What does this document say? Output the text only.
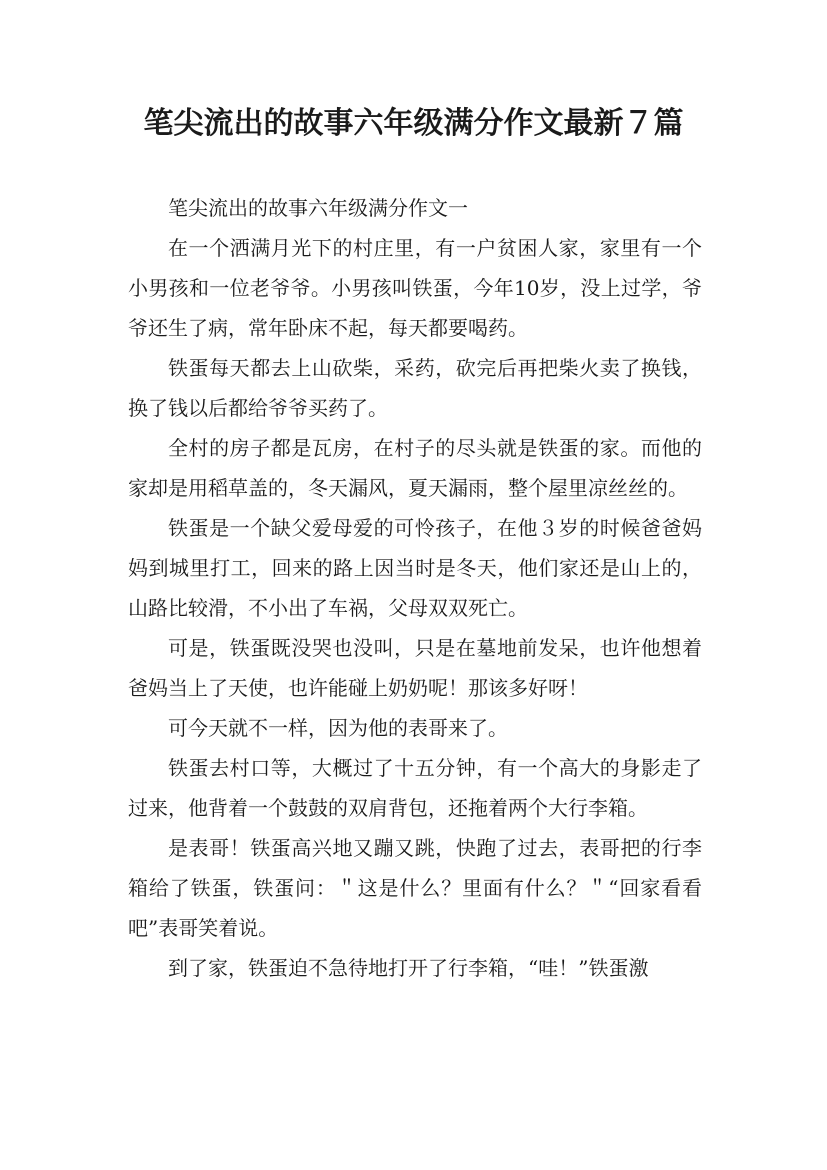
笔尖流出的故事六年级满分作文最新７篇

笔尖流出的故事六年级满分作文一

在一个洒满月光下的村庄里，有一户贫困人家，家里有一个小男孩和一位老爷爷。小男孩叫铁蛋，今年10岁，没上过学，爷爷还生了病，常年卧床不起，每天都要喝药。

铁蛋每天都去上山砍柴，采药，砍完后再把柴火卖了换钱，换了钱以后都给爷爷买药了。

全村的房子都是瓦房，在村子的尽头就是铁蛋的家。而他的家却是用稻草盖的，冬天漏风，夏天漏雨，整个屋里凉丝丝的。

铁蛋是一个缺父爱母爱的可怜孩子，在他３岁的时候爸爸妈妈到城里打工，回来的路上因当时是冬天，他们家还是山上的，山路比较滑，不小出了车祸，父母双双死亡。

可是，铁蛋既没哭也没叫，只是在墓地前发呆，也许他想着爸妈当上了天使，也许能碰上奶奶呢！那该多好呀！

可今天就不一样，因为他的表哥来了。

铁蛋去村口等，大概过了十五分钟，有一个高大的身影走了过来，他背着一个鼓鼓的双肩背包，还拖着两个大行李箱。

是表哥！铁蛋高兴地又蹦又跳，快跑了过去，表哥把的行李箱给了铁蛋，铁蛋问：＂这是什么？里面有什么？＂“回家看看吧”表哥笑着说。

到了家，铁蛋迫不急待地打开了行李箱，“哇！”铁蛋激
